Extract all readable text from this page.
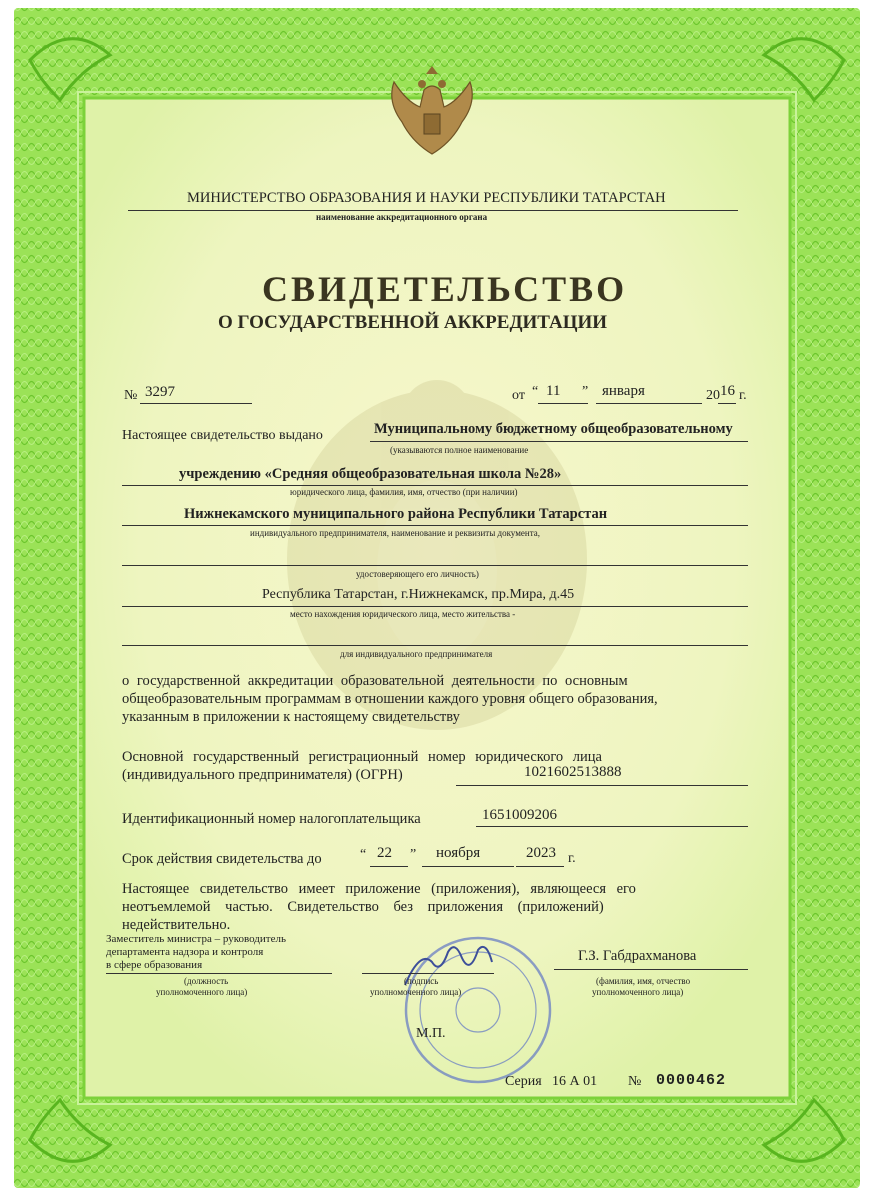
МИНИСТЕРСТВО ОБРАЗОВАНИЯ И НАУКИ РЕСПУБЛИКИ ТАТАРСТАН
наименование аккредитационного органа
СВИДЕТЕЛЬСТВО
О ГОСУДАРСТВЕННОЙ АККРЕДИТАЦИИ
№ 3297	от “ 11 ” января	20 16 г.
Настоящее свидетельство выдано	Муниципальному бюджетному общеобразовательному
(указываются полное наименование
учреждению «Средняя общеобразовательная школа №28»
юридического лица, фамилия, имя, отчество (при наличии)
Нижнекамского муниципального района Республики Татарстан
индивидуального предпринимателя, наименование и реквизиты документа,
удостоверяющего его личность)
Республика Татарстан, г.Нижнекамск, пр.Мира, д.45
место нахождения юридического лица, место жительства -
для индивидуального предпринимателя
о государственной аккредитации образовательной деятельности по основным
общеобразовательным программам в отношении каждого уровня общего образования,
указанным в приложении к настоящему свидетельству
Основной государственный регистрационный номер юридического лица
(индивидуального предпринимателя) (ОГРН)	1021602513888
Идентификационный номер налогоплательщика	1651009206
Срок действия свидетельства до	“ 22 ” ноября	2023 г.
Настоящее свидетельство имеет приложение (приложения), являющееся его
неотъемлемой частью. Свидетельство без приложения (приложений)
недействительно.
Заместитель министра – руководитель
департамента надзора и контроля
в сфере образования
(должность
уполномоченного лица)
(подпись
уполномоченного лица)
Г.З. Габдрахманова
(фамилия, имя, отчество
уполномоченного лица)
М.П.
Серия 16 А 01 № 0000462
